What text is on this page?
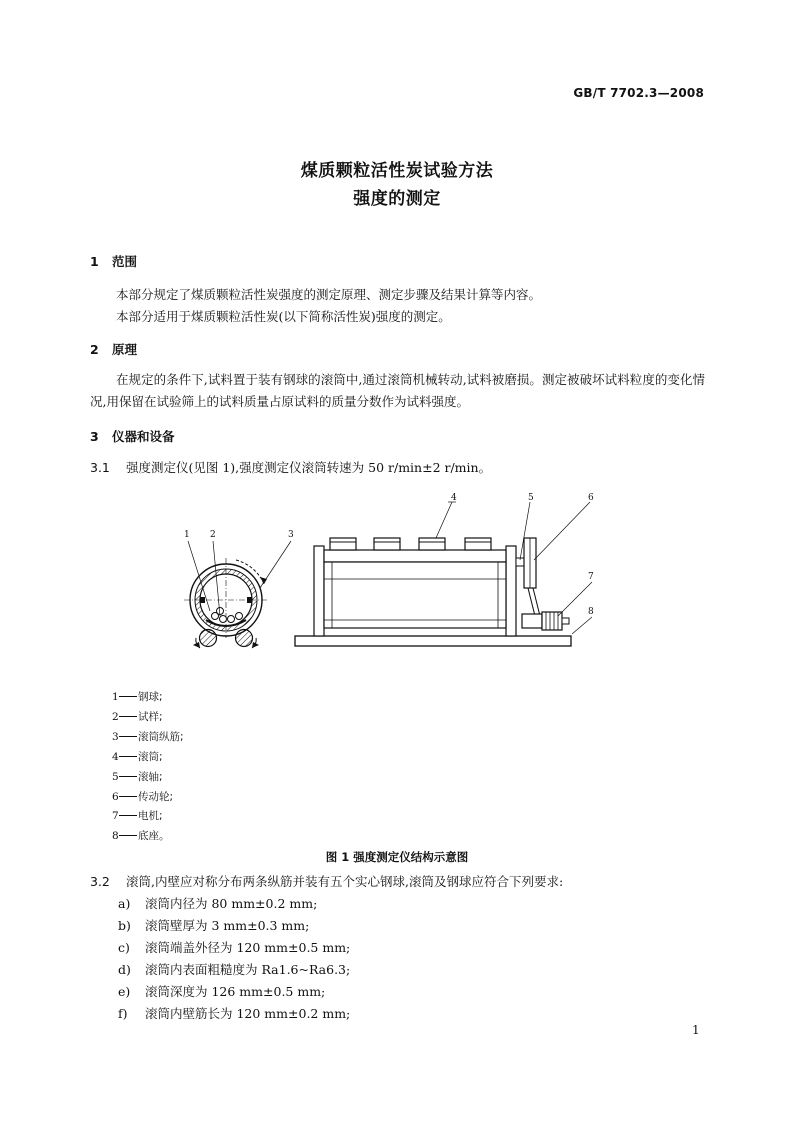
GB/T 7702.3—2008
煤质颗粒活性炭试验方法
强度的测定
1 范围
本部分规定了煤质颗粒活性炭强度的测定原理、测定步骤及结果计算等内容。
本部分适用于煤质颗粒活性炭(以下简称活性炭)强度的测定。
2 原理
在规定的条件下,试料置于装有钢球的滚筒中,通过滚筒机械转动,试料被磨损。测定被破坏试料粒度的变化情况,用保留在试验筛上的试料质量占原试料的质量分数作为试料强度。
3 仪器和设备
3.1 强度测定仪(见图 1),强度测定仪滚筒转速为 50 r/min±2 r/min。
1 2	3
4	5	6
7
8
1 钢球;
2 试样;
3 滚筒纵筋;
4 滚筒;
5 滚轴;
6 传动轮;
7 电机;
8 底座。
图 1 强度测定仪结构示意图
3.2 滚筒,内壁应对称分布两条纵筋并装有五个实心钢球,滚筒及钢球应符合下列要求:
a) 滚筒内径为 80 mm±0.2 mm;
b) 滚筒壁厚为 3 mm±0.3 mm;
c) 滚筒端盖外径为 120 mm±0.5 mm;
d) 滚筒内表面粗糙度为 Ra1.6~Ra6.3;
e) 滚筒深度为 126 mm±0.5 mm;
f) 滚筒内壁筋长为 120 mm±0.2 mm;
1
